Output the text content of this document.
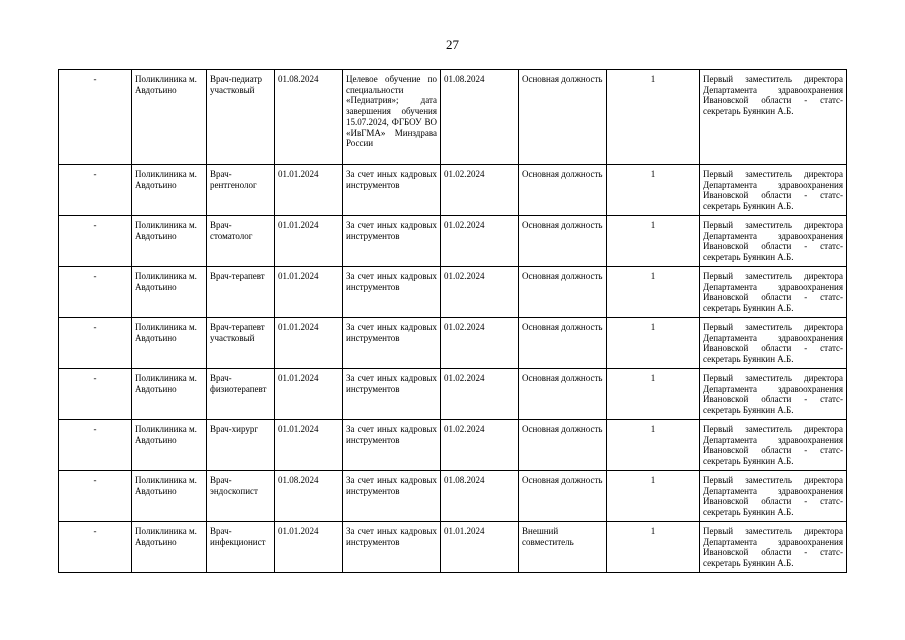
27
-	Поликлиника м. Авдотьино	Врач-педиатр участковый	01.08.2024	Целевое обучение по специальности «Педиатрия»; дата завершения обучения 15.07.2024, ФГБОУ ВО «ИвГМА» Минздрава России	01.08.2024	Основная должность	1	Первый заместитель директора Департамента здравоохранения Ивановской области - статс-секретарь Буянкин А.Б.
-	Поликлиника м. Авдотьино	Врач-рентгенолог	01.01.2024	За счет иных кадровых инструментов	01.02.2024	Основная должность	1	Первый заместитель директора Департамента здравоохранения Ивановской области - статс-секретарь Буянкин А.Б.
-	Поликлиника м. Авдотьино	Врач-стоматолог	01.01.2024	За счет иных кадровых инструментов	01.02.2024	Основная должность	1	Первый заместитель директора Департамента здравоохранения Ивановской области - статс-секретарь Буянкин А.Б.
-	Поликлиника м. Авдотьино	Врач-терапевт	01.01.2024	За счет иных кадровых инструментов	01.02.2024	Основная должность	1	Первый заместитель директора Департамента здравоохранения Ивановской области - статс-секретарь Буянкин А.Б.
-	Поликлиника м. Авдотьино	Врач-терапевт участковый	01.01.2024	За счет иных кадровых инструментов	01.02.2024	Основная должность	1	Первый заместитель директора Департамента здравоохранения Ивановской области - статс-секретарь Буянкин А.Б.
-	Поликлиника м. Авдотьино	Врач-физиотерапевт	01.01.2024	За счет иных кадровых инструментов	01.02.2024	Основная должность	1	Первый заместитель директора Департамента здравоохранения Ивановской области - статс-секретарь Буянкин А.Б.
-	Поликлиника м. Авдотьино	Врач-хирург	01.01.2024	За счет иных кадровых инструментов	01.02.2024	Основная должность	1	Первый заместитель директора Департамента здравоохранения Ивановской области - статс-секретарь Буянкин А.Б.
-	Поликлиника м. Авдотьино	Врач-эндоскопист	01.08.2024	За счет иных кадровых инструментов	01.08.2024	Основная должность	1	Первый заместитель директора Департамента здравоохранения Ивановской области - статс-секретарь Буянкин А.Б.
-	Поликлиника м. Авдотьино	Врач-инфекционист	01.01.2024	За счет иных кадровых инструментов	01.01.2024	Внешний совместитель	1	Первый заместитель директора Департамента здравоохранения Ивановской области - статс-секретарь Буянкин А.Б.
